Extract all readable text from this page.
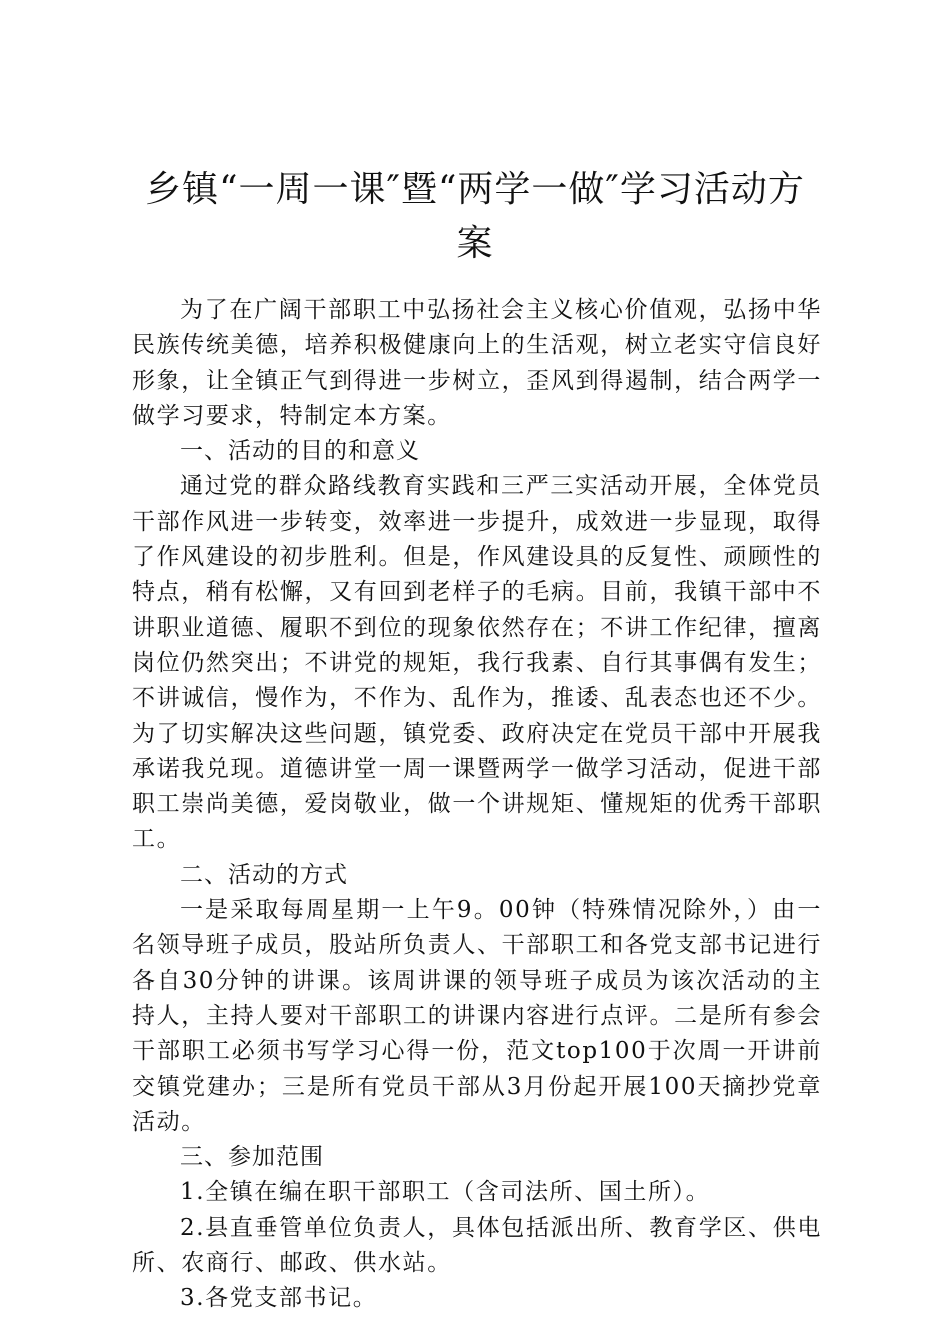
乡镇“一周一课″暨“两学一做″学习活动方
案

为了在广阔干部职工中弘扬社会主义核心价值观，弘扬中华民族传统美德，培养积极健康向上的生活观，树立老实守信良好形象，让全镇正气到得进一步树立，歪风到得遏制，结合两学一做学习要求，特制定本方案。

一、活动的目的和意义

通过党的群众路线教育实践和三严三实活动开展，全体党员干部作风进一步转变，效率进一步提升，成效进一步显现，取得了作风建设的初步胜利。但是，作风建设具的反复性、顽顾性的特点，稍有松懈，又有回到老样子的毛病。目前，我镇干部中不讲职业道德、履职不到位的现象依然存在；不讲工作纪律，擅离岗位仍然突出；不讲党的规矩，我行我素、自行其事偶有发生；不讲诚信，慢作为，不作为、乱作为，推诿、乱表态也还不少。为了切实解决这些问题，镇党委、政府决定在党员干部中开展我承诺我兑现。道德讲堂一周一课暨两学一做学习活动，促进干部职工崇尚美德，爱岗敬业，做一个讲规矩、懂规矩的优秀干部职工。

二、活动的方式

一是采取每周星期一上午9。00钟（特殊情况除外，）由一名领导班子成员，股站所负责人、干部职工和各党支部书记进行各自30分钟的讲课。该周讲课的领导班子成员为该次活动的主持人，主持人要对干部职工的讲课内容进行点评。二是所有参会干部职工必须书写学习心得一份，范文top100于次周一开讲前交镇党建办；三是所有党员干部从3月份起开展100天摘抄党章活动。

三、参加范围

1.全镇在编在职干部职工（含司法所、国土所）。

2.县直垂管单位负责人，具体包括派出所、教育学区、供电所、农商行、邮政、供水站。

3.各党支部书记。
